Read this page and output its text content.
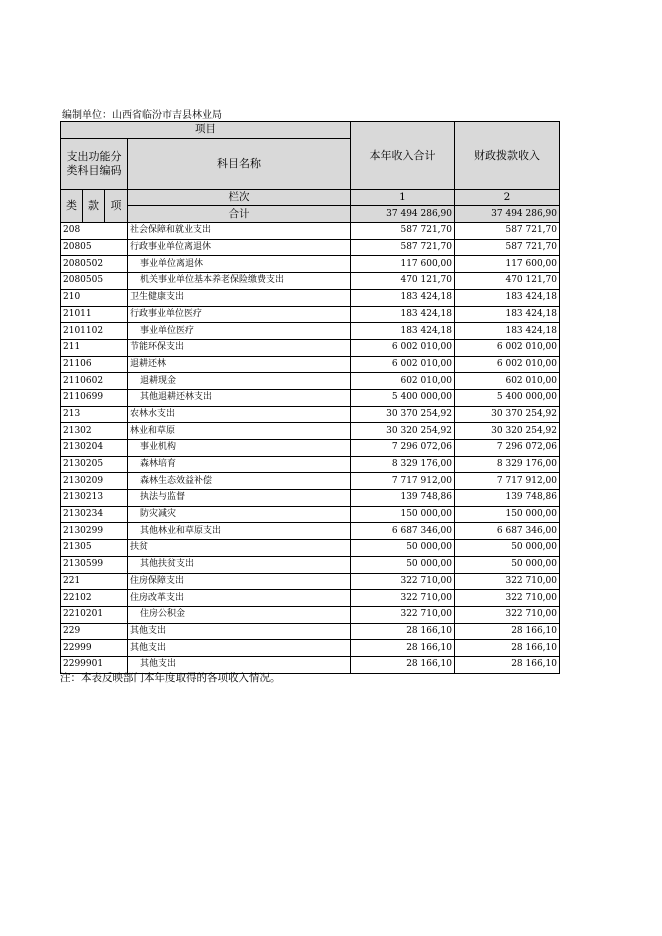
编制单位：山西省临汾市吉县林业局
项目				本年收入合计	财政拨款收入

支出功能分
类科目编码			科目名称		
类	款	项	栏次	1	2
			合计	37 494 286,90	37 494 286,90
208			社会保障和就业支出	587 721,70	587 721,70
20805			行政事业单位离退休	587 721,70	587 721,70
2080502			事业单位离退休	117 600,00	117 600,00
2080505			机关事业单位基本养老保险缴费支出	470 121,70	470 121,70
210			卫生健康支出	183 424,18	183 424,18
21011			行政事业单位医疗	183 424,18	183 424,18
2101102			事业单位医疗	183 424,18	183 424,18
211			节能环保支出	6 002 010,00	6 002 010,00
21106			退耕还林	6 002 010,00	6 002 010,00
2110602			退耕现金	602 010,00	602 010,00
2110699			其他退耕还林支出	5 400 000,00	5 400 000,00
213			农林水支出	30 370 254,92	30 370 254,92
21302			林业和草原	30 320 254,92	30 320 254,92
2130204			事业机构	7 296 072,06	7 296 072,06
2130205			森林培育	8 329 176,00	8 329 176,00
2130209			森林生态效益补偿	7 717 912,00	7 717 912,00
2130213			执法与监督	139 748,86	139 748,86
2130234			防灾减灾	150 000,00	150 000,00
2130299			其他林业和草原支出	6 687 346,00	6 687 346,00
21305			扶贫	50 000,00	50 000,00
2130599			其他扶贫支出	50 000,00	50 000,00
221			住房保障支出	322 710,00	322 710,00
22102			住房改革支出	322 710,00	322 710,00
2210201			住房公积金	322 710,00	322 710,00
229			其他支出	28 166,10	28 166,10
22999			其他支出	28 166,10	28 166,10
2299901			其他支出	28 166,10	28 166,10
注：本表反映部门本年度取得的各项收入情况。
